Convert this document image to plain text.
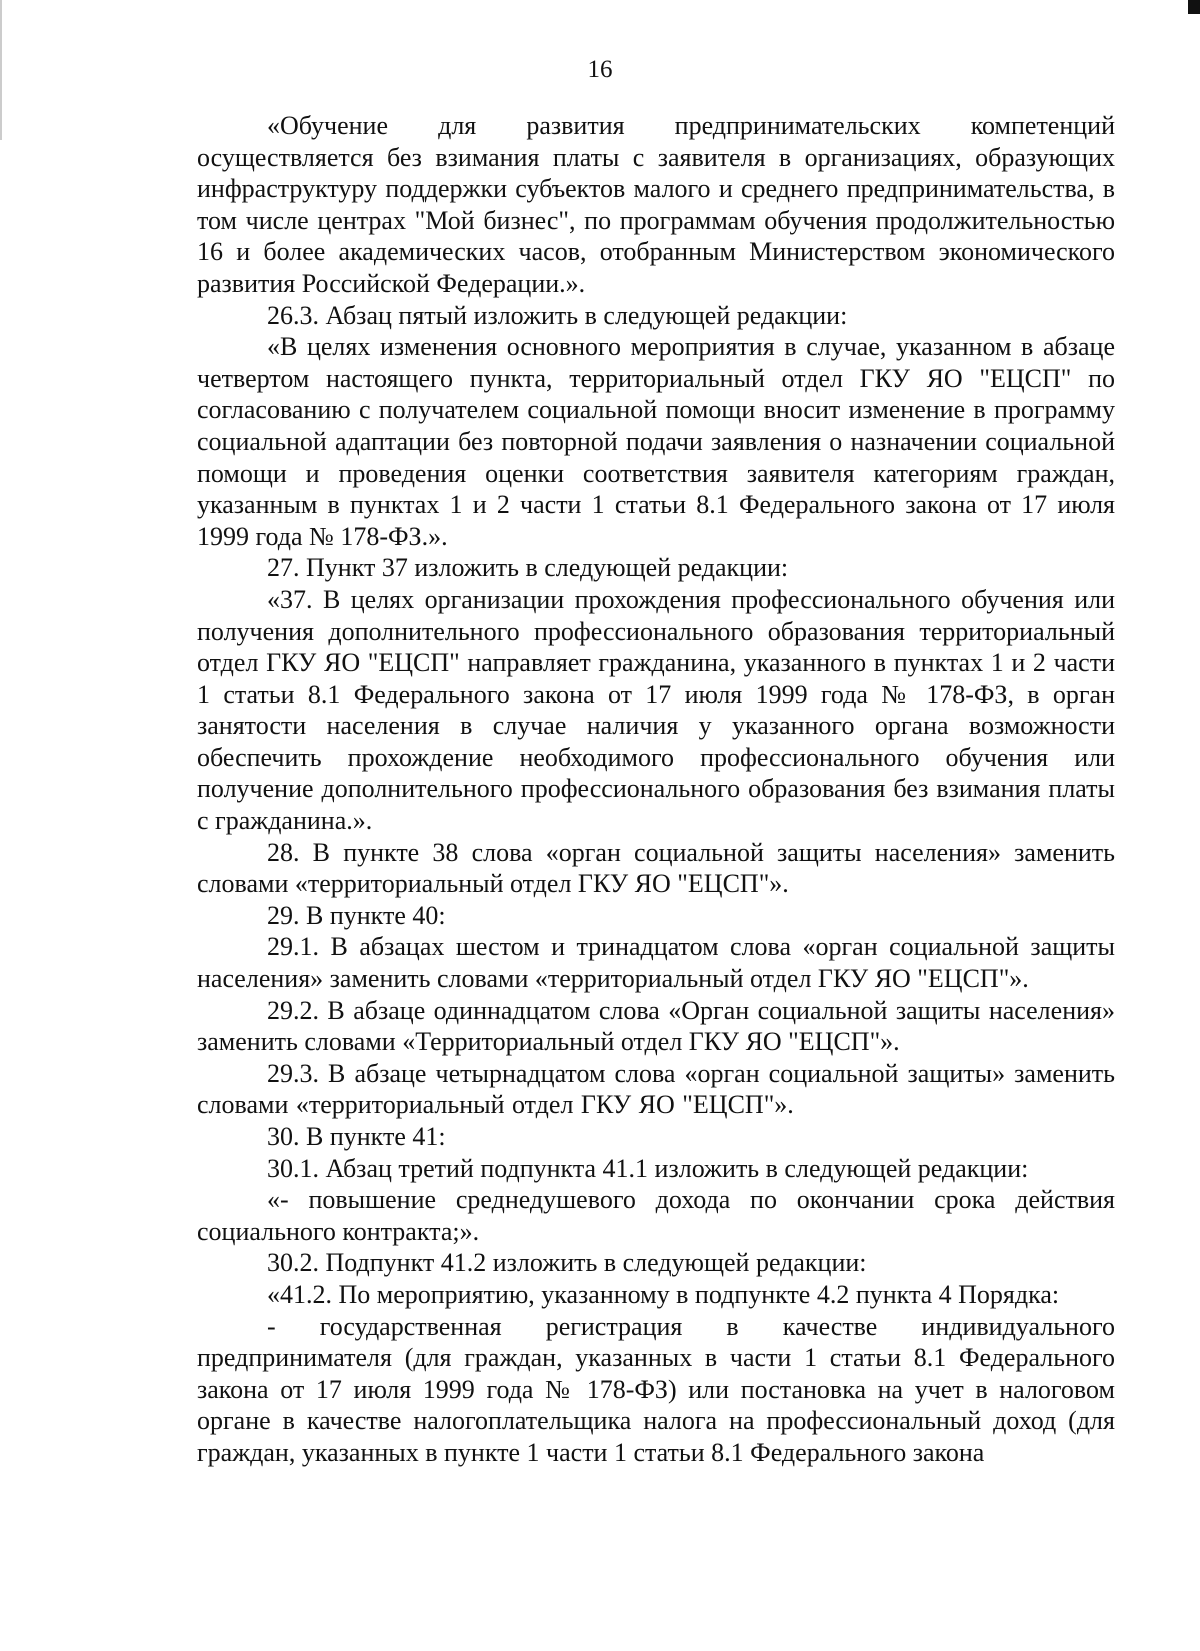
16

«Обучение для развития предпринимательских компетенций осуществляется без взимания платы с заявителя в организациях, образующих инфраструктуру поддержки субъектов малого и среднего предпринимательства, в том числе центрах "Мой бизнес", по программам обучения продолжительностью 16 и более академических часов, отобранным Министерством экономического развития Российской Федерации.».

26.3. Абзац пятый изложить в следующей редакции:

«В целях изменения основного мероприятия в случае, указанном в абзаце четвертом настоящего пункта, территориальный отдел ГКУ ЯО "ЕЦСП" по согласованию с получателем социальной помощи вносит изменение в программу социальной адаптации без повторной подачи заявления о назначении социальной помощи и проведения оценки соответствия заявителя категориям граждан, указанным в пунктах 1 и 2 части 1 статьи 8.1 Федерального закона от 17 июля 1999 года № 178-ФЗ.».

27. Пункт 37 изложить в следующей редакции:

«37. В целях организации прохождения профессионального обучения или получения дополнительного профессионального образования территориальный отдел ГКУ ЯО "ЕЦСП" направляет гражданина, указанного в пунктах 1 и 2 части 1 статьи 8.1 Федерального закона от 17 июля 1999 года № 178-ФЗ, в орган занятости населения в случае наличия у указанного органа возможности обеспечить прохождение необходимого профессионального обучения или получение дополнительного профессионального образования без взимания платы с гражданина.».

28. В пункте 38 слова «орган социальной защиты населения» заменить словами «территориальный отдел ГКУ ЯО "ЕЦСП"».

29. В пункте 40:

29.1. В абзацах шестом и тринадцатом слова «орган социальной защиты населения» заменить словами «территориальный отдел ГКУ ЯО "ЕЦСП"».

29.2. В абзаце одиннадцатом слова «Орган социальной защиты населения» заменить словами «Территориальный отдел ГКУ ЯО "ЕЦСП"».

29.3. В абзаце четырнадцатом слова «орган социальной защиты» заменить словами «территориальный отдел ГКУ ЯО "ЕЦСП"».

30. В пункте 41:

30.1. Абзац третий подпункта 41.1 изложить в следующей редакции:

«- повышение среднедушевого дохода по окончании срока действия социального контракта;».

30.2. Подпункт 41.2 изложить в следующей редакции:

«41.2. По мероприятию, указанному в подпункте 4.2 пункта 4 Порядка:

- государственная регистрация в качестве индивидуального предпринимателя (для граждан, указанных в части 1 статьи 8.1 Федерального закона от 17 июля 1999 года № 178-ФЗ) или постановка на учет в налоговом органе в качестве налогоплательщика налога на профессиональный доход (для граждан, указанных в пункте 1 части 1 статьи 8.1 Федерального закона
